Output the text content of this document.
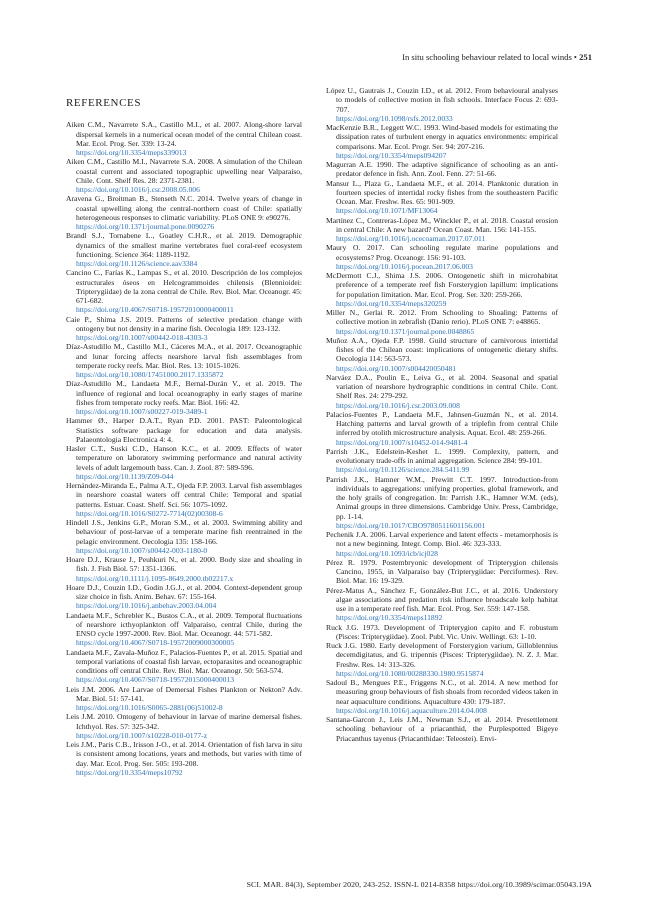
In situ schooling behaviour related to local winds • 251
REFERENCES

Aiken C.M., Navarrete S.A., Castillo M.I., et al. 2007. Along-shore larval dispersal kernels in a numerical ocean model of the central Chilean coast. Mar. Ecol. Prog. Ser. 339: 13-24.
https://doi.org/10.3354/meps339013

Aiken C.M., Castillo M.I., Navarrete S.A. 2008. A simulation of the Chilean coastal current and associated topographic upwelling near Valparaíso, Chile. Cont. Shelf Res. 28: 2371-2381.
https://doi.org/10.1016/j.csr.2008.05.006

Aravena G., Broitman B., Stenseth N.C. 2014. Twelve years of change in coastal upwelling along the central-northern coast of Chile: spatially heterogeneous responses to climatic variability. PLoS ONE 9: e90276.
https://doi.org/10.1371/journal.pone.0090276

Brandl S.J., Tornabene L., Goatley C.H.R., et al. 2019. Demographic dynamics of the smallest marine vertebrates fuel coral-reef ecosystem functioning. Science 364: 1189-1192.
https://doi.org/10.1126/science.aav3384

Cancino C., Farías K., Lampas S., et al. 2010. Descripción de los complejos estructurales óseos en Helcogrammoides chilensis (Blennioidei: Tripterygiidae) de la zona central de Chile. Rev. Biol. Mar. Oceanogr. 45: 671-682.
https://doi.org/10.4067/S0718-19572010000400011

Caie P., Shima J.S. 2019. Patterns of selective predation change with ontogeny but not density in a marine fish. Oecologia 189: 123-132.
https://doi.org/10.1007/s00442-018-4303-3

Díaz-Astudillo M., Castillo M.I., Cáceres M.A., et al. 2017. Oceanographic and lunar forcing affects nearshore larval fish assemblages from temperate rocky reefs. Mar. Biol. Res. 13: 1015-1026.
https://doi.org/10.1080/17451000.2017.1335872

Díaz-Astudillo M., Landaeta M.F., Bernal-Durán V., et al. 2019. The influence of regional and local oceanography in early stages of marine fishes from temperate rocky reefs. Mar. Biol. 166: 42.
https://doi.org/10.1007/s00227-019-3489-1

Hammer Ø., Harper D.A.T., Ryan P.D. 2001. PAST: Paleontological Statistics software package for education and data analysis. Palaeontologia Electronica 4: 4.

Hasler C.T., Suski C.D., Hanson K.C., et al. 2009. Effects of water temperature on laboratory swimming performance and natural activity levels of adult largemouth bass. Can. J. Zool. 87: 589-596.
https://doi.org/10.1139/Z09-044

Hernández-Miranda E., Palma A.T., Ojeda F.P. 2003. Larval fish assemblages in nearshore coastal waters off central Chile: Temporal and spatial patterns. Estuar. Coast. Shelf. Sci. 56: 1075-1092.
https://doi.org/10.1016/S0272-7714(02)00308-6

Hindell J.S., Jenkins G.P., Moran S.M., et al. 2003. Swimming ability and behaviour of post-larvae of a temperate marine fish reentrained in the pelagic environment. Oecologia 135: 158-166.
https://doi.org/10.1007/s00442-003-1180-0

Hoare D.J., Krause J., Peuhkuri N., et al. 2000. Body size and shoaling in fish. J. Fish Biol. 57: 1351-1366.
https://doi.org/10.1111/j.1095-8649.2000.tb02217.x

Hoare D.J., Couzin I.D., Godin J.G.J., et al. 2004. Context-dependent group size choice in fish. Anim. Behav. 67: 155-164.
https://doi.org/10.1016/j.anbehav.2003.04.004

Landaeta M.F., Schrebler K., Bustos C.A., et al. 2009. Temporal fluctuations of nearshore icthyoplankton off Valparaíso, central Chile, during the ENSO cycle 1997-2000. Rev. Biol. Mar. Oceanogr. 44: 571-582.
https://doi.org/10.4067/S0718-19572009000300005

Landaeta M.F., Zavala-Muñoz F., Palacios-Fuentes P., et al. 2015. Spatial and temporal variations of coastal fish larvae, ectoparasites and oceanographic conditions off central Chile. Rev. Biol. Mar. Oceanogr. 50: 563-574.
https://doi.org/10.4067/S0718-19572015000400013

Leis J.M. 2006. Are Larvae of Demersal Fishes Plankton or Nekton? Adv. Mar. Biol. 51: 57-141.
https://doi.org/10.1016/S0065-2881(06)51002-8

Leis J.M. 2010. Ontogeny of behaviour in larvae of marine demersal fishes. Ichthyol. Res. 57: 325-342.
https://doi.org/10.1007/s10228-010-0177-z

Leis J.M., Paris C.B., Irisson J-O., et al. 2014. Orientation of fish larva in situ is consistent among locations, years and methods, but varies with time of day. Mar. Ecol. Prog. Ser. 505: 193-208.
https://doi.org/10.3354/meps10792

López U., Gautrais J., Couzin I.D., et al. 2012. From behavioural analyses to models of collective motion in fish schools. Interface Focus 2: 693-707.
https://doi.org/10.1098/rsfs.2012.0033

MacKenzie B.R., Leggett W.C. 1993. Wind-based models for estimating the dissipation rates of turbulent energy in aquatics environments: empirical comparisons. Mar. Ecol. Progr. Ser. 94: 207-216.
https://doi.org/10.3354/meps094207

Magurran A.E. 1990. The adaptive significance of schooling as an anti-predator defence in fish. Ann. Zool. Fenn. 27: 51-66.

Mansur L., Plaza G., Landaeta M.F., et al. 2014. Planktonic duration in fourteen species of intertidal rocky fishes from the southeastern Pacific Ocean. Mar. Freshw. Res. 65: 901-909.
https://doi.org/10.1071/MF13064

Martínez C., Contreras-López M., Winckler P., et al. 2018. Coastal erosion in central Chile: A new hazard? Ocean Coast. Man. 156: 141-155.
https://doi.org/10.1016/j.ocecoaman.2017.07.011

Maury O. 2017. Can schooling regulate marine populations and ecosystems? Prog. Oceanogr. 156: 91-103.
https://doi.org/10.1016/j.pocean.2017.06.003

McDermott C.J., Shima J.S. 2006. Ontogenetic shift in microhabitat preference of a temperate reef fish Forsterygion lapillum: implications for population limitation. Mar. Ecol. Prog. Ser. 320: 259-266.
https://doi.org/10.3354/meps320259

Miller N., Gerlai R. 2012. From Schooling to Shoaling: Patterns of collective motion in zebrafish (Danio rerio). PLoS ONE 7: e48865.
https://doi.org/10.1371/journal.pone.0048865

Muñoz A.A., Ojeda F.P. 1998. Guild structure of carnivorous intertidal fishes of the Chilean coast: implications of ontogenetic dietary shifts. Oecologia 114: 563-573.
https://doi.org/10.1007/s004420050481

Narváez D.A., Poulin E., Leiva G., et al. 2004. Seasonal and spatial variation of nearshore hydrographic conditions in central Chile. Cont. Shelf Res. 24: 279-292.
https://doi.org/10.1016/j.csr.2003.09.008

Palacios-Fuentes P., Landaeta M.F., Jahnsen-Guzmán N., et al. 2014. Hatching patterns and larval growth of a triplefin from central Chile inferred by otolith microstructure analysis. Aquat. Ecol. 48: 259-266.
https://doi.org/10.1007/s10452-014-9481-4

Parrish J.K., Edelstein-Keshet L. 1999. Complexity, pattern, and evolutionary trade-offs in animal aggregation. Science 284: 99-101.
https://doi.org/10.1126/science.284.5411.99

Parrish J.K., Hamner W.M., Prewitt C.T. 1997. Introduction-from individuals to aggregations: unifying properties, global framework, and the holy grails of congregation. In: Parrish J.K., Hamner W.M. (eds), Animal groups in three dimensions. Cambridge Univ. Press, Cambridge, pp. 1-14.
https://doi.org/10.1017/CBO9780511601156.001

Pechenik J.A. 2006. Larval experience and latent effects - metamorphosis is not a new beginning. Integr. Comp. Biol. 46: 323-333.
https://doi.org/10.1093/icb/icj028

Pérez R. 1979. Postembryonic development of Tripterygion chilensis Cancino, 1955, in Valparaíso bay (Tripterygiidae: Perciformes). Rev. Biol. Mar. 16: 19-329.

Pérez-Matus A., Sánchez F., González-But J.C., et al. 2016. Understory algae associations and predation risk influence broadscale kelp habitat use in a temperate reef fish. Mar. Ecol. Prog. Ser. 559: 147-158.
https://doi.org/10.3354/meps11892

Ruck J.G. 1973. Development of Tripterygion capito and F. robustum (Pisces: Tripterygiidae). Zool. Publ. Vic. Univ. Wellingt. 63: 1-10.

Ruck J.G. 1980. Early development of Forsterygion varium, Gilloblennius decemdigitatus, and G. tripennis (Pisces: Tripterygiidae). N. Z. J. Mar. Freshw. Res. 14: 313-326.
https://doi.org/10.1080/00288330.1980.9515874

Sadoul B., Mengues P.E., Friggens N.C., et al. 2014. A new method for measuring group behaviours of fish shoals from recorded videos taken in near aquaculture conditions. Aquaculture 430: 179-187.
https://doi.org/10.1016/j.aquaculture.2014.04.008

Santana-Garcon J., Leis J.M., Newman S.J., et al. 2014. Presettlement schooling behaviour of a priacanthid, the Purplespotted Bigeye Priacanthus tayenus (Priacanthidae: Teleostei). Envi-

SCI. MAR. 84(3), September 2020, 243-252. ISSN-L 0214-8358 https://doi.org/10.3989/scimar.05043.19A
